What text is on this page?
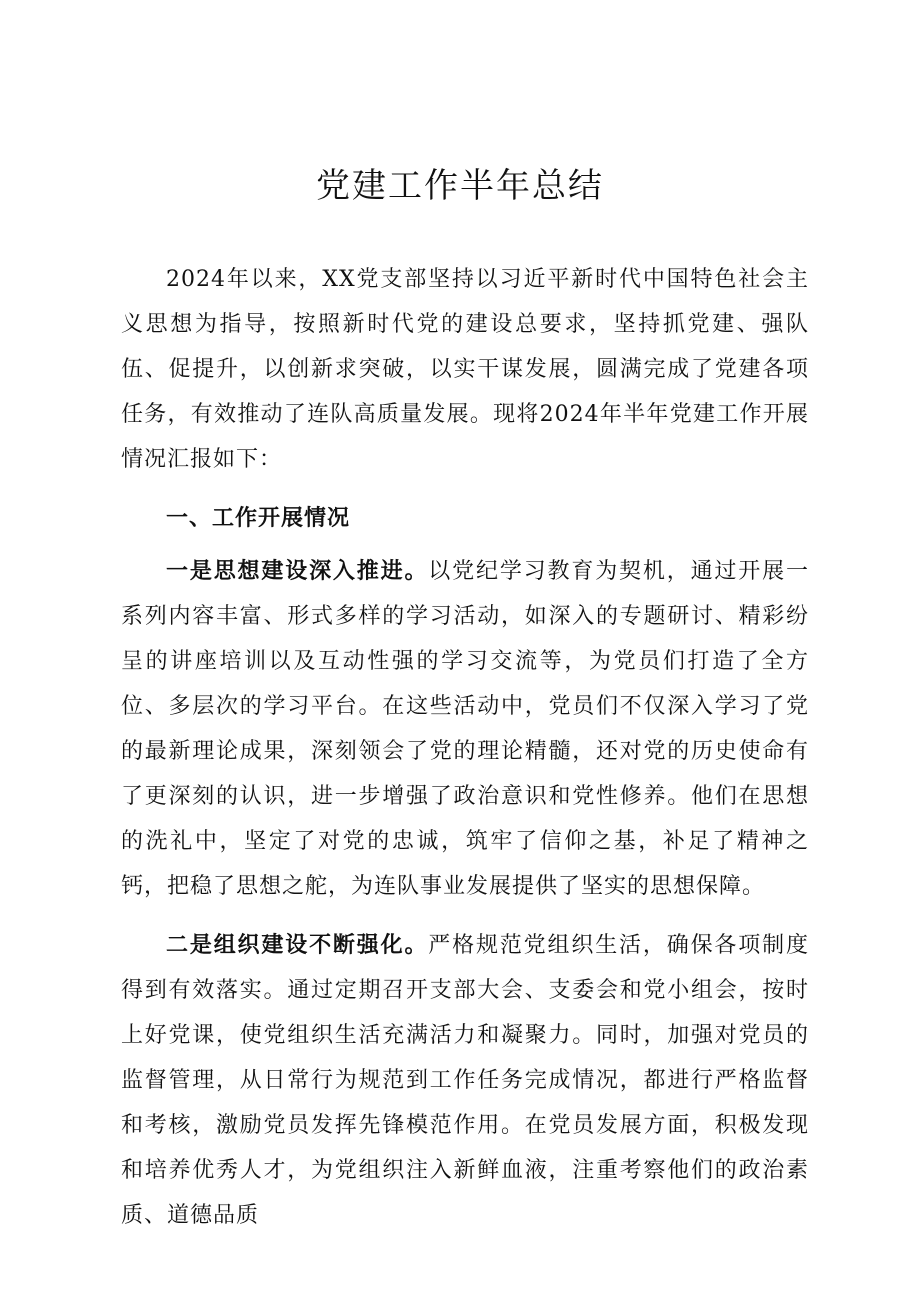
党建工作半年总结

2024年以来，XX党支部坚持以习近平新时代中国特色社会主义思想为指导，按照新时代党的建设总要求，坚持抓党建、强队伍、促提升，以创新求突破，以实干谋发展，圆满完成了党建各项任务，有效推动了连队高质量发展。现将2024年半年党建工作开展情况汇报如下：

一、工作开展情况

一是思想建设深入推进。以党纪学习教育为契机，通过开展一系列内容丰富、形式多样的学习活动，如深入的专题研讨、精彩纷呈的讲座培训以及互动性强的学习交流等，为党员们打造了全方位、多层次的学习平台。在这些活动中，党员们不仅深入学习了党的最新理论成果，深刻领会了党的理论精髓，还对党的历史使命有了更深刻的认识，进一步增强了政治意识和党性修养。他们在思想的洗礼中，坚定了对党的忠诚，筑牢了信仰之基，补足了精神之钙，把稳了思想之舵，为连队事业发展提供了坚实的思想保障。

二是组织建设不断强化。严格规范党组织生活，确保各项制度得到有效落实。通过定期召开支部大会、支委会和党小组会，按时上好党课，使党组织生活充满活力和凝聚力。同时，加强对党员的监督管理，从日常行为规范到工作任务完成情况，都进行严格监督和考核，激励党员发挥先锋模范作用。在党员发展方面，积极发现和培养优秀人才，为党组织注入新鲜血液，注重考察他们的政治素质、道德品质
